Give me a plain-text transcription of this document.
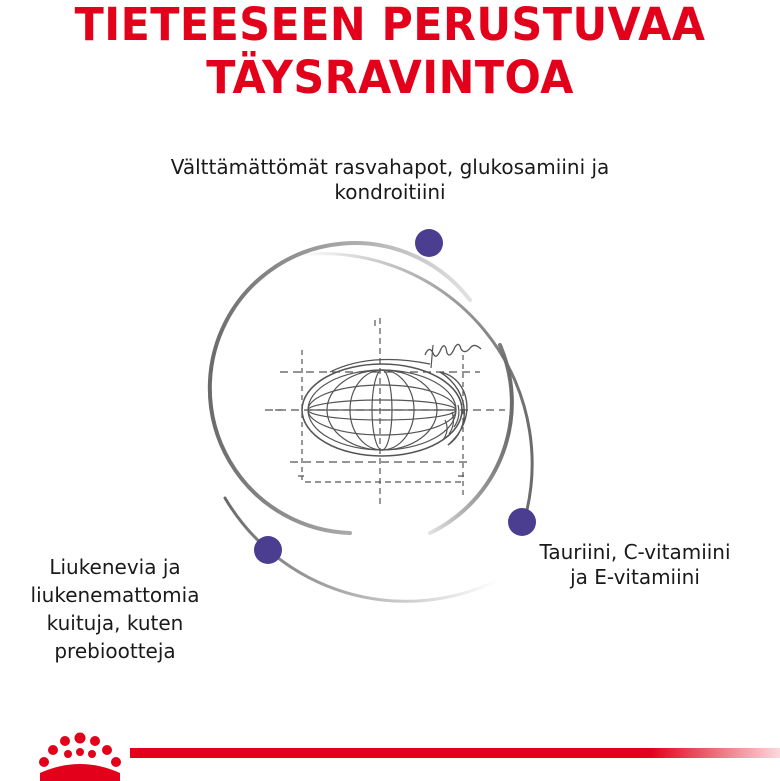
TIETEESEEN PERUSTUVAA
TÄYSRAVINTOA
Välttämättömät rasvahapot, glukosamiini ja
kondroitiini
Tauriini, C-vitamiini
ja E-vitamiini
Liukenevia ja
liukenemattomia
kuituja, kuten
prebiootteja
